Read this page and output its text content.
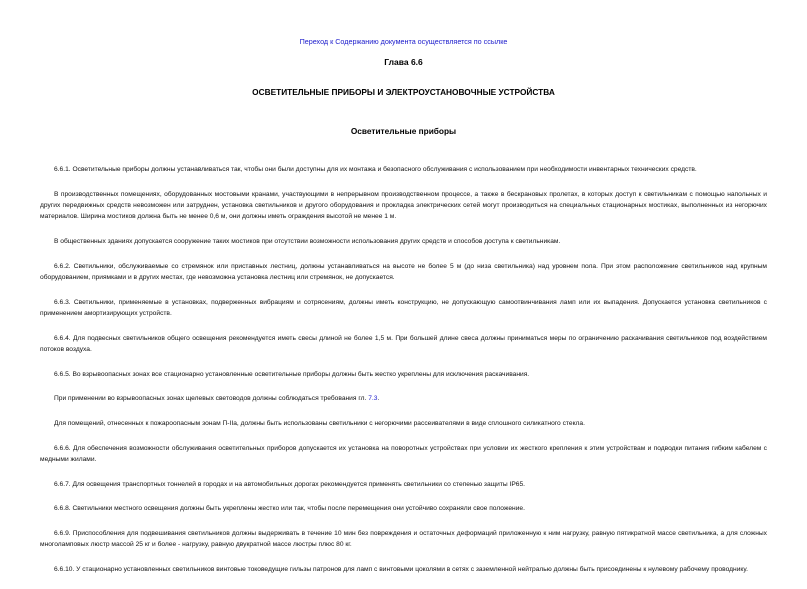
Переход к Содержанию документа осуществляется по ссылке
Глава 6.6
ОСВЕТИТЕЛЬНЫЕ ПРИБОРЫ И ЭЛЕКТРОУСТАНОВОЧНЫЕ УСТРОЙСТВА
Осветительные приборы

6.6.1. Осветительные приборы должны устанавливаться так, чтобы они были доступны для их монтажа и безопасного обслуживания с использованием при необходимости инвентарных технических средств.

В производственных помещениях, оборудованных мостовыми кранами, участвующими в непрерывном производственном процессе, а также в бескрановых пролетах, в которых доступ к светильникам с помощью напольных и других передвижных средств невозможен или затруднен, установка светильников и другого оборудования и прокладка электрических сетей могут производиться на специальных стационарных мостиках, выполненных из негорючих материалов. Ширина мостиков должна быть не менее 0,6 м, они должны иметь ограждения высотой не менее 1 м.

В общественных зданиях допускается сооружение таких мостиков при отсутствии возможности использования других средств и способов доступа к светильникам.

6.6.2. Светильники, обслуживаемые со стремянок или приставных лестниц, должны устанавливаться на высоте не более 5 м (до низа светильника) над уровнем пола. При этом расположение светильников над крупным оборудованием, приямками и в других местах, где невозможна установка лестниц или стремянок, не допускается.

6.6.3. Светильники, применяемые в установках, подверженных вибрациям и сотрясениям, должны иметь конструкцию, не допускающую самоотвинчивания ламп или их выпадения. Допускается установка светильников с применением амортизирующих устройств.

6.6.4. Для подвесных светильников общего освещения рекомендуется иметь свесы длиной не более 1,5 м. При большей длине свеса должны приниматься меры по ограничению раскачивания светильников под воздействием потоков воздуха.

6.6.5. Во взрывоопасных зонах все стационарно установленные осветительные приборы должны быть жестко укреплены для исключения раскачивания.

При применении во взрывоопасных зонах щелевых световодов должны соблюдаться требования гл. 7.3.

Для помещений, отнесенных к пожароопасным зонам П-IIа, должны быть использованы светильники с негорючими рассеивателями в виде сплошного силикатного стекла.

6.6.6. Для обеспечения возможности обслуживания осветительных приборов допускается их установка на поворотных устройствах при условии их жесткого крепления к этим устройствам и подводки питания гибким кабелем с медными жилами.

6.6.7. Для освещения транспортных тоннелей в городах и на автомобильных дорогах рекомендуется применять светильники со степенью защиты IP65.

6.6.8. Светильники местного освещения должны быть укреплены жестко или так, чтобы после перемещения они устойчиво сохраняли свое положение.

6.6.9. Приспособления для подвешивания светильников должны выдерживать в течение 10 мин без повреждения и остаточных деформаций приложенную к ним нагрузку, равную пятикратной массе светильника, а для сложных многоламповых люстр массой 25 кг и более - нагрузку, равную двукратной массе люстры плюс 80 кг.

6.6.10. У стационарно установленных светильников винтовые токоведущие гильзы патронов для ламп с винтовыми цоколями в сетях с заземленной нейтралью должны быть присоединены к нулевому рабочему проводнику.
